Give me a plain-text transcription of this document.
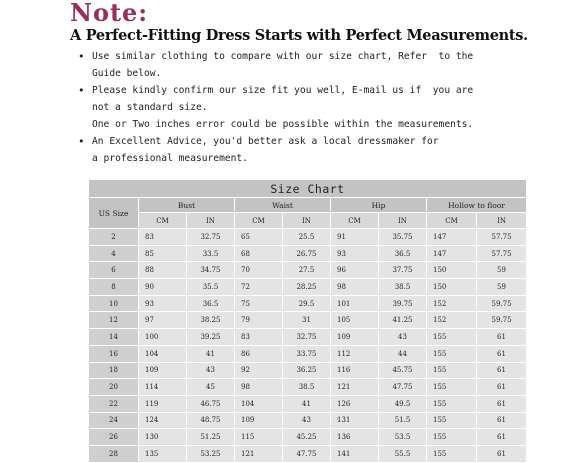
Note:
A Perfect-Fitting Dress Starts with Perfect Measurements.
• Use similar clothing to compare with our size chart, Refer  to the
Guide below.
• Please kindly confirm our size fit you well, E-mail us if  you are
not a standard size.
One or Two inches error could be possible within the measurements.
• An Excellent Advice, you'd better ask a local dressmaker for
a professional measurement.
Size Chart								
US Size	Bust		Waist		Hip		Hollow to floor	
	CM	IN	CM	IN	CM	IN	CM	IN
2	83	32.75	65	25.5	91	35.75	147	57.75
4	85	33.5	68	26.75	93	36.5	147	57.75
6	88	34.75	70	27.5	96	37.75	150	59
8	90	35.5	72	28.25	98	38.5	150	59
10	93	36.5	75	29.5	101	39.75	152	59.75
12	97	38.25	79	31	105	41.25	152	59.75
14	100	39.25	83	32.75	109	43	155	61
16	104	41	86	33.75	112	44	155	61
18	109	43	92	36.25	116	45.75	155	61
20	114	45	98	38.5	121	47.75	155	61
22	119	46.75	104	41	126	49.5	155	61
24	124	48.75	109	43	131	51.5	155	61
26	130	51.25	115	45.25	136	53.5	155	61
28	135	53.25	121	47.75	141	55.5	155	61
